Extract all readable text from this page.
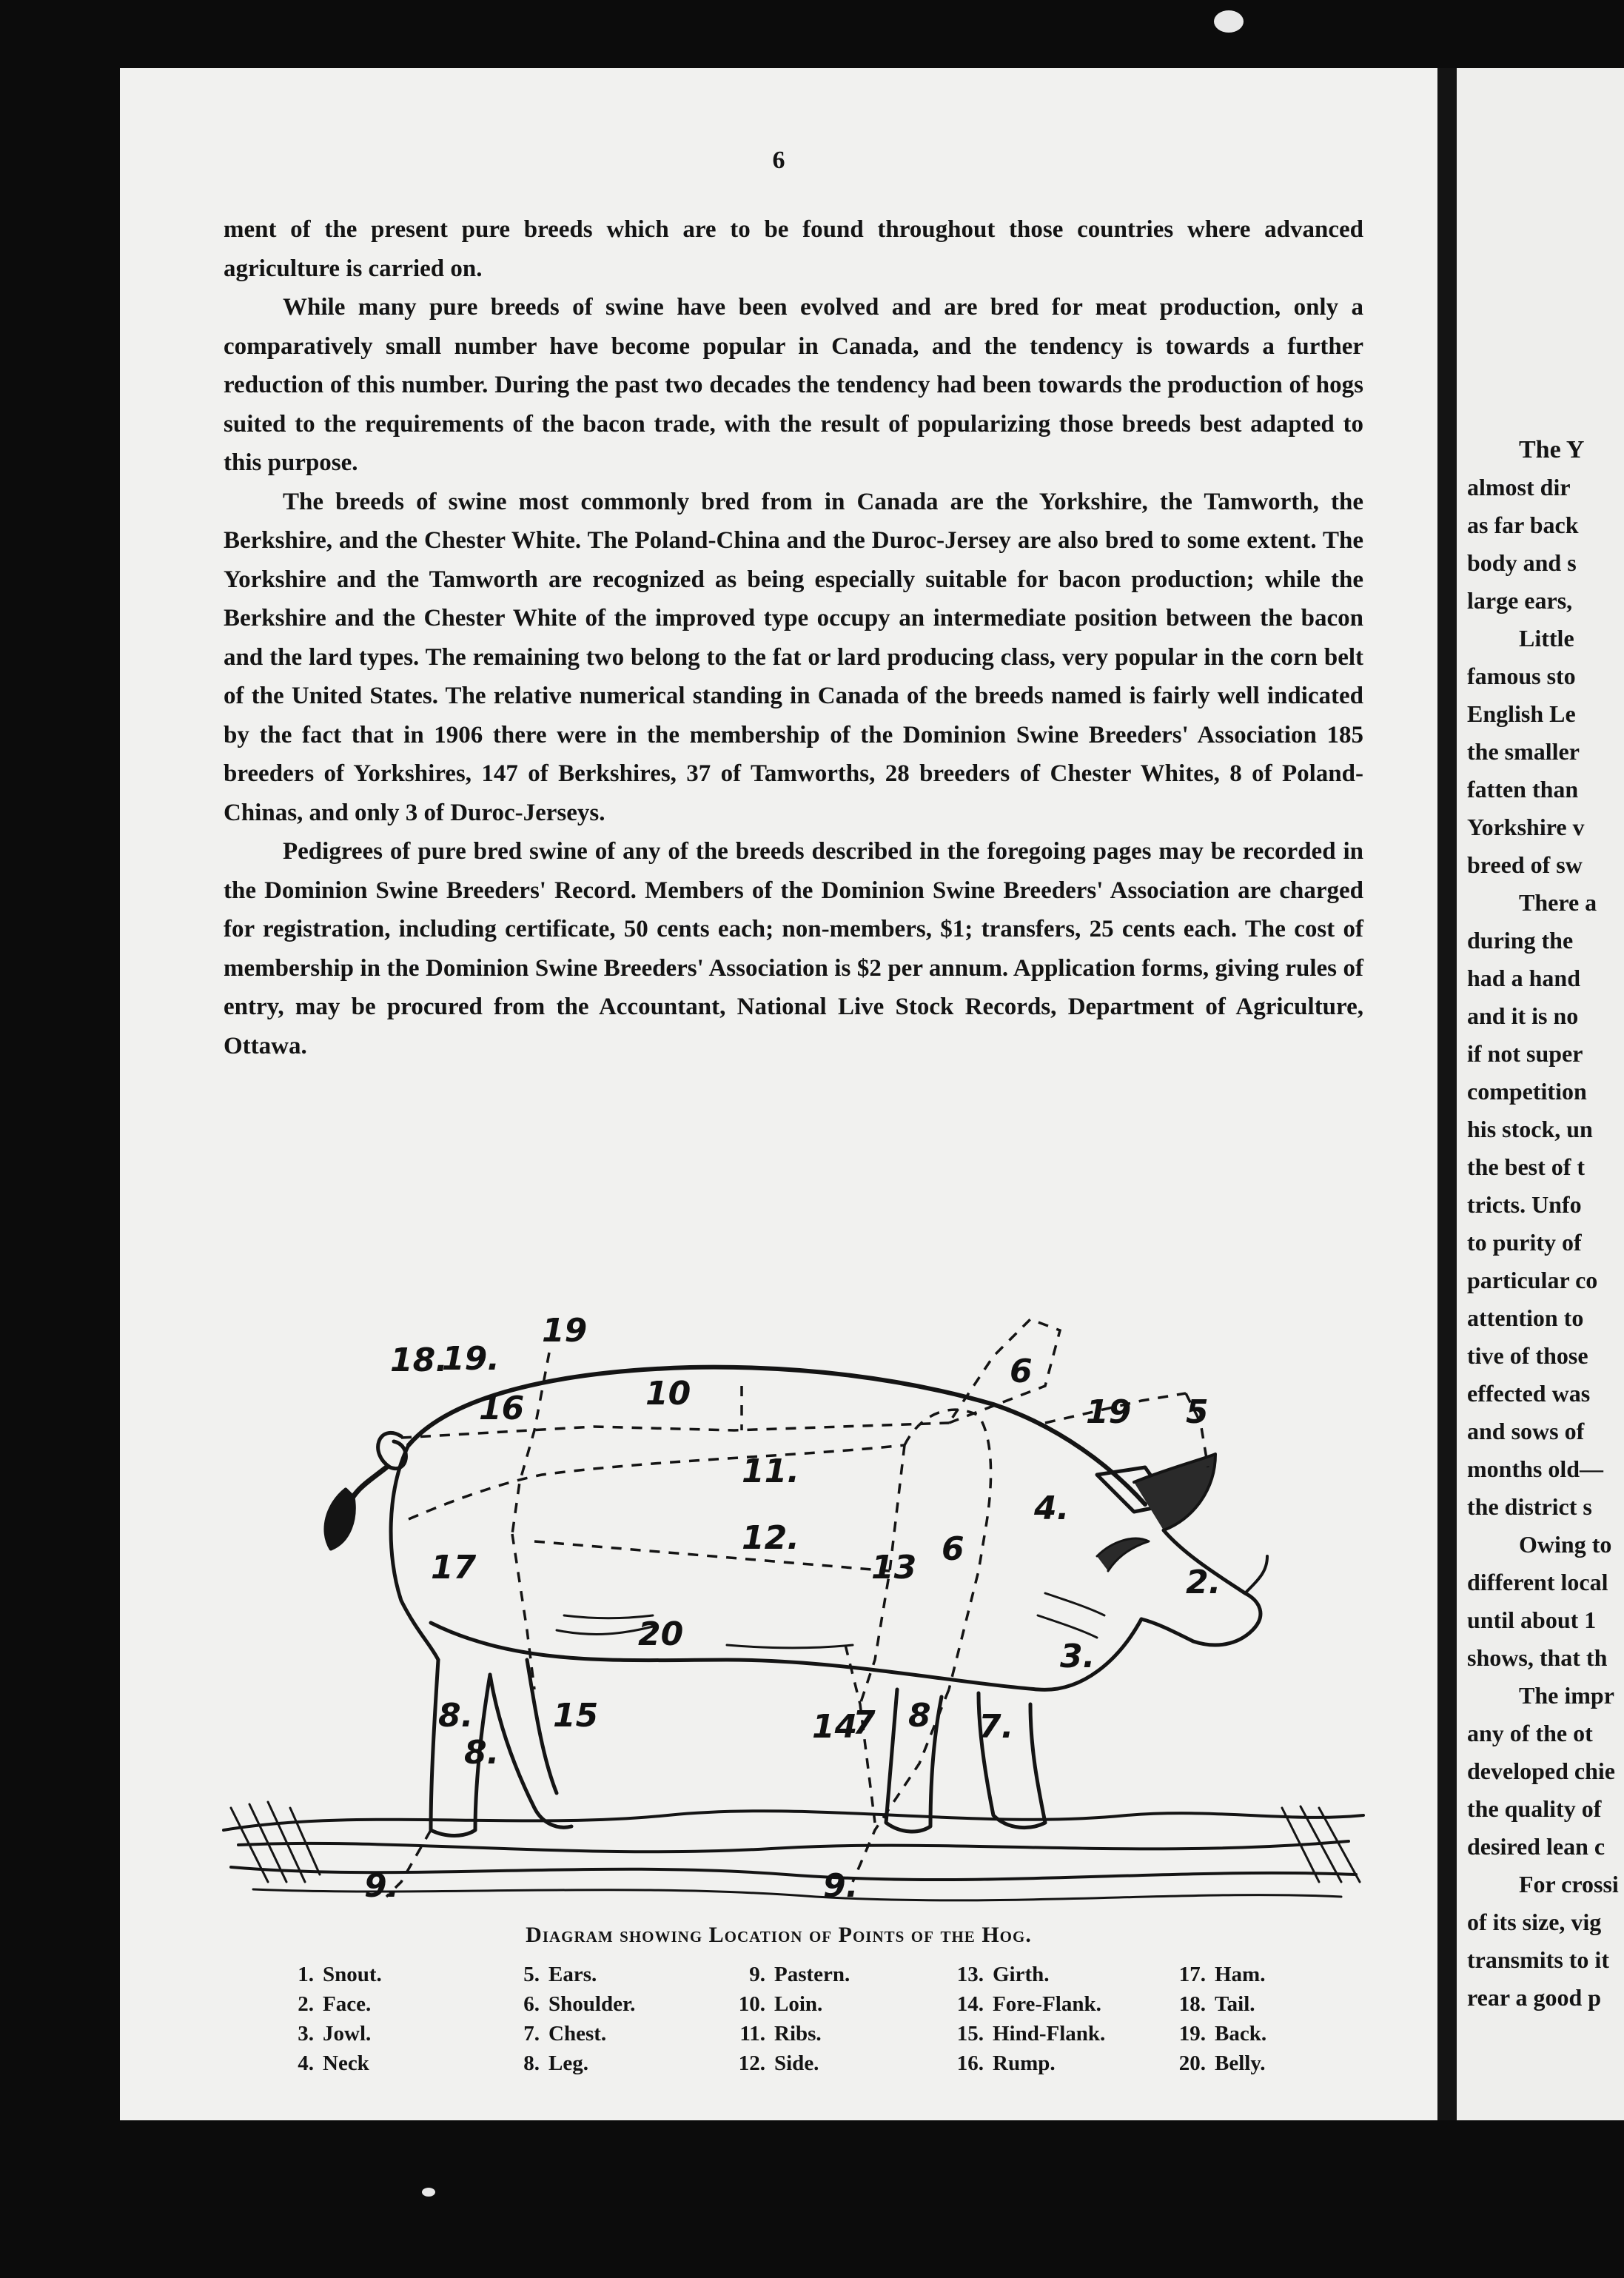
6

ment of the present pure breeds which are to be found throughout those countries where advanced agriculture is carried on.

While many pure breeds of swine have been evolved and are bred for meat production, only a comparatively small number have become popular in Canada, and the tendency is towards a further reduction of this number. During the past two decades the tendency had been towards the production of hogs suited to the requirements of the bacon trade, with the result of popularizing those breeds best adapted to this purpose.

The breeds of swine most commonly bred from in Canada are the Yorkshire, the Tamworth, the Berkshire, and the Chester White. The Poland-China and the Duroc-Jersey are also bred to some extent. The Yorkshire and the Tamworth are recognized as being especially suitable for bacon production; while the Berkshire and the Chester White of the improved type occupy an intermediate position between the bacon and the lard types. The remaining two belong to the fat or lard producing class, very popular in the corn belt of the United States. The relative numerical standing in Canada of the breeds named is fairly well indicated by the fact that in 1906 there were in the membership of the Dominion Swine Breeders' Association 185 breeders of Yorkshires, 147 of Berkshires, 37 of Tamworths, 28 breeders of Chester Whites, 8 of Poland-Chinas, and only 3 of Duroc-Jerseys.

Pedigrees of pure bred swine of any of the breeds described in the foregoing pages may be recorded in the Dominion Swine Breeders' Record. Members of the Dominion Swine Breeders' Association are charged for registration, including certificate, 50 cents each; non-members, $1; transfers, 25 cents each. The cost of membership in the Dominion Swine Breeders' Association is $2 per annum. Application forms, giving rules of entry, may be procured from the Accountant, National Live Stock Records, Department of Agriculture, Ottawa.

18.
19.
19
16	10
6
19 5
11.
12.
13 6
4.
2.
17
20
3.
8. 15
8.
14
7 8 7.
9.	9.
Diagram showing Location of Points of the Hog.
1. Snout.
2. Face.
3. Jowl.
4. Neck
5. Ears.
6. Shoulder.
7. Chest.
8. Leg.
9. Pastern.
10. Loin.
11. Ribs.
12. Side.
13. Girth.
14. Fore-Flank.
15. Hind-Flank.
16. Rump.
17. Ham.
18. Tail.
19. Back.
20. Belly.
The Y
almost dir
as far back
body and s
large ears,
Little
famous sto
English Le
the smaller
fatten than
Yorkshire v
breed of sw
There a
during the
had a hand
and it is no
if not super
competition
his stock, un
the best of t
tricts. Unfo
to purity of
particular co
attention to
tive of those
effected was
and sows of
months old—
the district s
Owing to
different local
until about 1
shows, that th
The impr
any of the ot
developed chie
the quality of
desired lean c
For crossi
of its size, vig
transmits to it
rear a good p
